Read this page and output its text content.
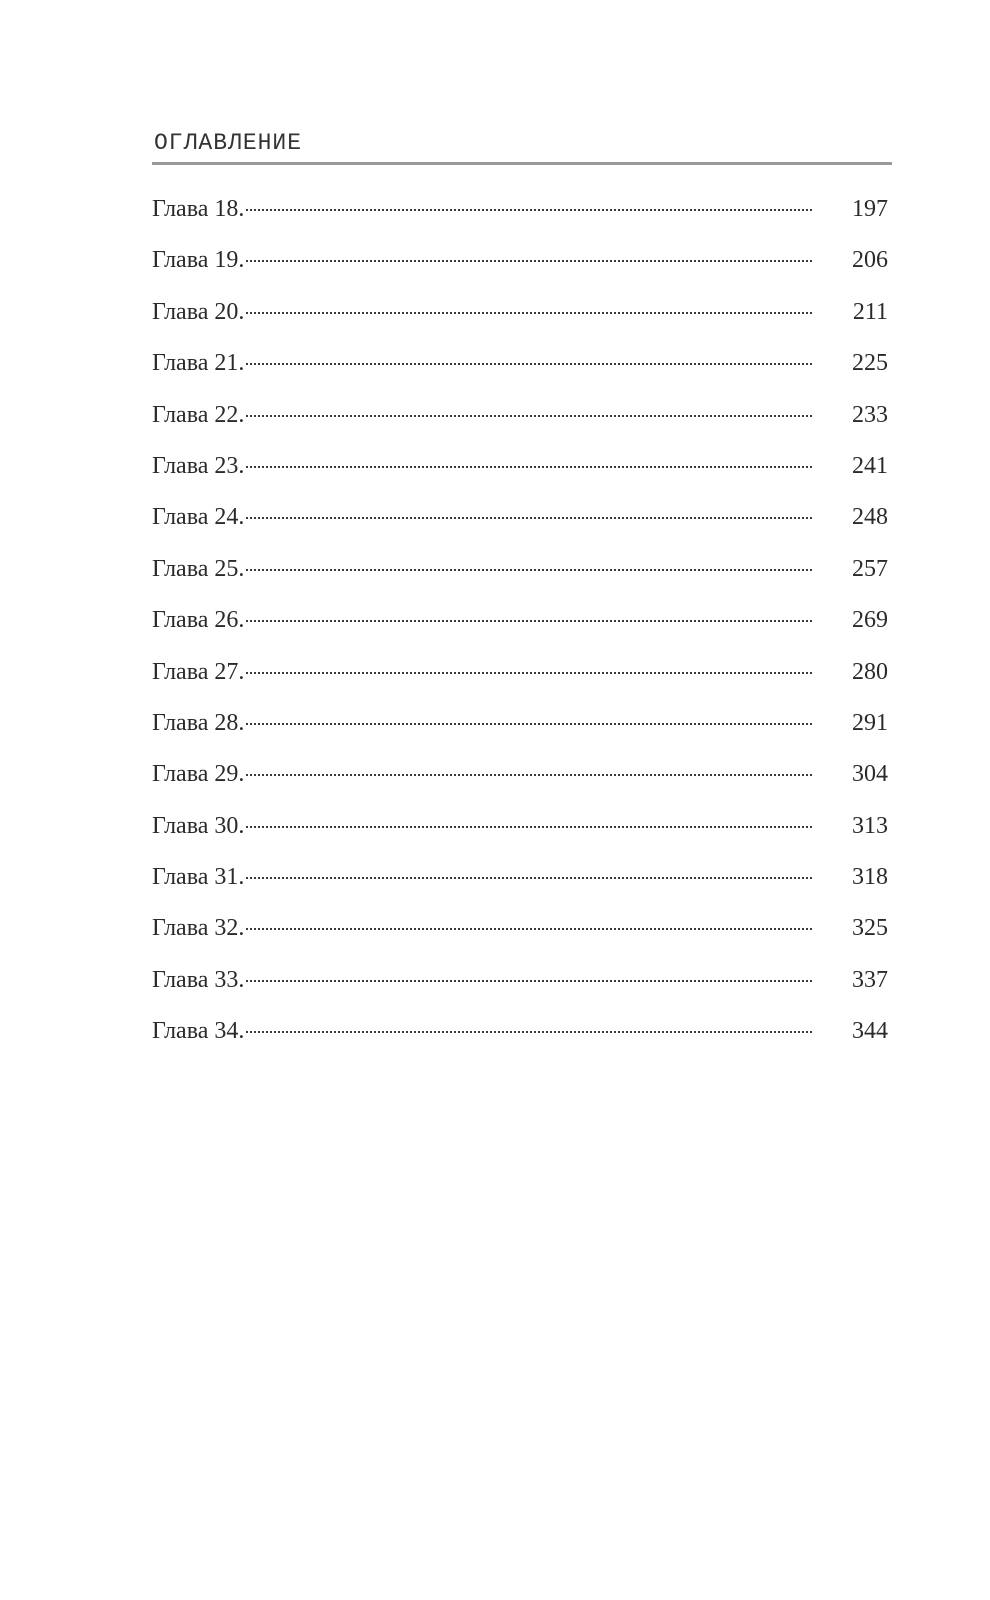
ОГЛАВЛЕНИЕ
Глава 18.	197
Глава 19.	206
Глава 20.	211
Глава 21.	225
Глава 22.	233
Глава 23.	241
Глава 24.	248
Глава 25.	257
Глава 26.	269
Глава 27.	280
Глава 28.	291
Глава 29.	304
Глава 30.	313
Глава 31.	318
Глава 32.	325
Глава 33.	337
Глава 34.	344
